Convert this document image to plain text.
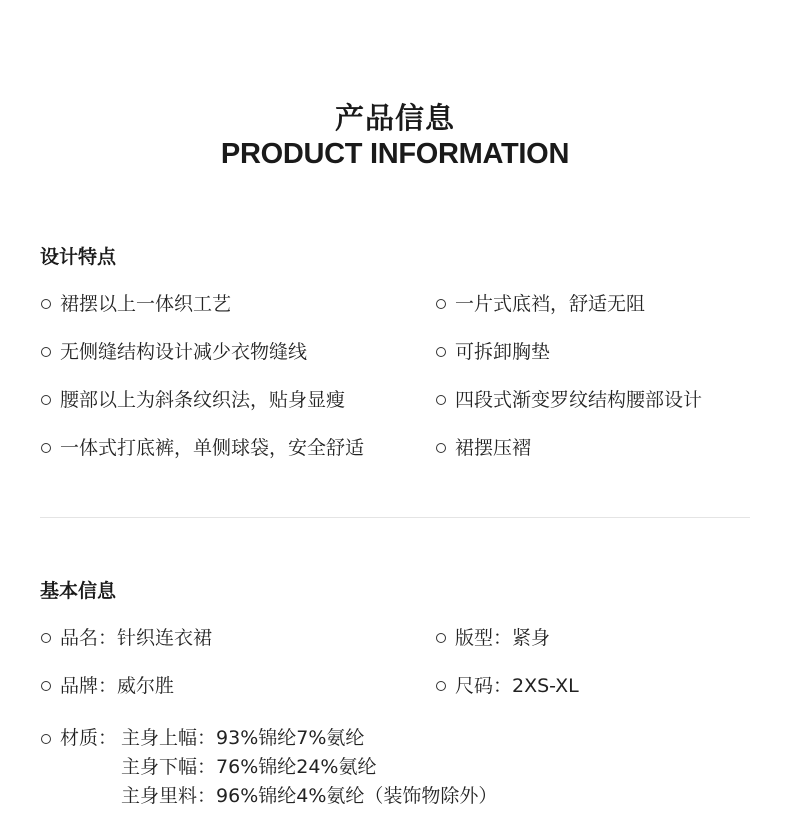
产品信息
PRODUCT INFORMATION
设计特点
裙摆以上一体织工艺
无侧缝结构设计减少衣物缝线
腰部以上为斜条纹织法，贴身显瘦
一体式打底裤，单侧球袋，安全舒适
一片式底裆，舒适无阻
可拆卸胸垫
四段式渐变罗纹结构腰部设计
裙摆压褶
基本信息
品名：针织连衣裙
品牌：威尔胜
版型：紧身
尺码：2XS-XL
材质： 主身上幅：93%锦纶7%氨纶
主身下幅：76%锦纶24%氨纶
主身里料：96%锦纶4%氨纶（装饰物除外）
